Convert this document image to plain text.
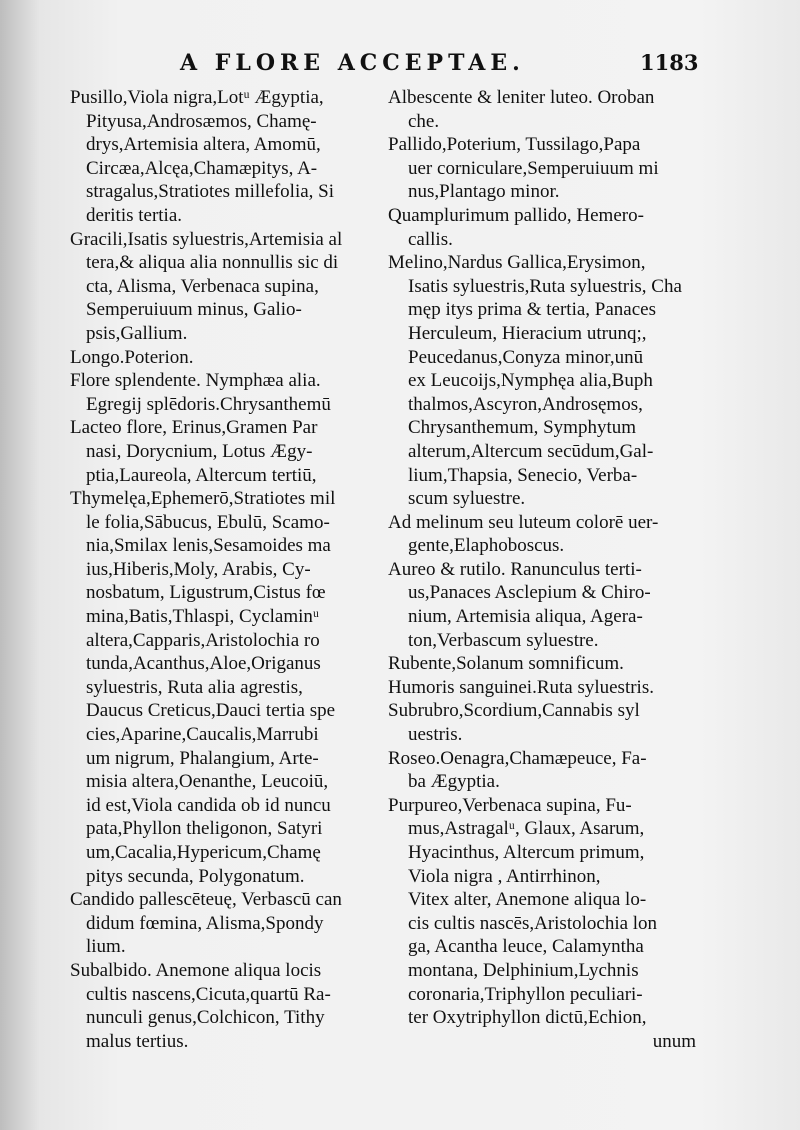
A FLORE ACCEPTAE.	1183
Pusillo,Viola nigra,Lotᵘ Ægyptia,
Pityusa,Androsæmos, Chamę-
drys,Artemisia altera, Amomū,
Circæa,Alcęa,Chamæpitys, A-
stragalus,Stratiotes millefolia, Si
deritis tertia.
Gracili,Isatis syluestris,Artemisia al
tera,& aliqua alia nonnullis sic di
cta, Alisma, Verbenaca supina,
Semperuiuum minus, Galio-
psis,Gallium.
Longo.Poterion.
Flore splendente. Nymphæa alia.
Egregij splēdoris.Chrysanthemū
Lacteo flore, Erinus,Gramen Par
nasi, Dorycnium, Lotus Ægy-
ptia,Laureola, Altercum tertiū,
Thymelęa,Ephemerō,Stratiotes mil
le folia,Sābucus, Ebulū, Scamo-
nia,Smilax lenis,Sesamoides ma
ius,Hiberis,Moly, Arabis, Cy-
nosbatum, Ligustrum,Cistus fœ
mina,Batis,Thlaspi, Cyclaminᵘ
altera,Capparis,Aristolochia ro
tunda,Acanthus,Aloe,Origanus
syluestris, Ruta alia agrestis,
Daucus Creticus,Dauci tertia spe
cies,Aparine,Caucalis,Marrubi
um nigrum, Phalangium, Arte-
misia altera,Oenanthe, Leucoiū,
id est,Viola candida ob id nuncu
pata,Phyllon theligonon, Satyri
um,Cacalia,Hypericum,Chamę
pitys secunda, Polygonatum.
Candido pallescēteuę, Verbascū can
didum fœmina, Alisma,Spondy
lium.
Subalbido. Anemone aliqua locis
cultis nascens,Cicuta,quartū Ra-
nunculi genus,Colchicon, Tithy
malus tertius.
Albescente & leniter luteo. Oroban
che.
Pallido,Poterium, Tussilago,Papa
uer corniculare,Semperuiuum mi
nus,Plantago minor.
Quamplurimum pallido, Hemero-
callis.
Melino,Nardus Gallica,Erysimon,
Isatis syluestris,Ruta syluestris, Cha
męp itys prima & tertia, Panaces
Herculeum, Hieracium utrunq;,
Peucedanus,Conyza minor,unū
ex Leucoijs,Nymphęa alia,Buph
thalmos,Ascyron,Androsęmos,
Chrysanthemum, Symphytum
alterum,Altercum secūdum,Gal-
lium,Thapsia, Senecio, Verba-
scum syluestre.
Ad melinum seu luteum colorē uer-
gente,Elaphoboscus.
Aureo & rutilo. Ranunculus terti-
us,Panaces Asclepium & Chiro-
nium, Artemisia aliqua, Agera-
ton,Verbascum syluestre.
Rubente,Solanum somnificum.
Humoris sanguinei.Ruta syluestris.
Subrubro,Scordium,Cannabis syl
uestris.
Roseo.Oenagra,Chamæpeuce, Fa-
ba Ægyptia.
Purpureo,Verbenaca supina, Fu-
mus,Astragalᵘ, Glaux, Asarum,
Hyacinthus, Altercum primum,
Viola nigra , Antirrhinon,
Vitex alter, Anemone aliqua lo-
cis cultis nascēs,Aristolochia lon
ga, Acantha leuce, Calamyntha
montana, Delphinium,Lychnis
coronaria,Triphyllon peculiari-
ter Oxytriphyllon dictū,Echion,
unum
